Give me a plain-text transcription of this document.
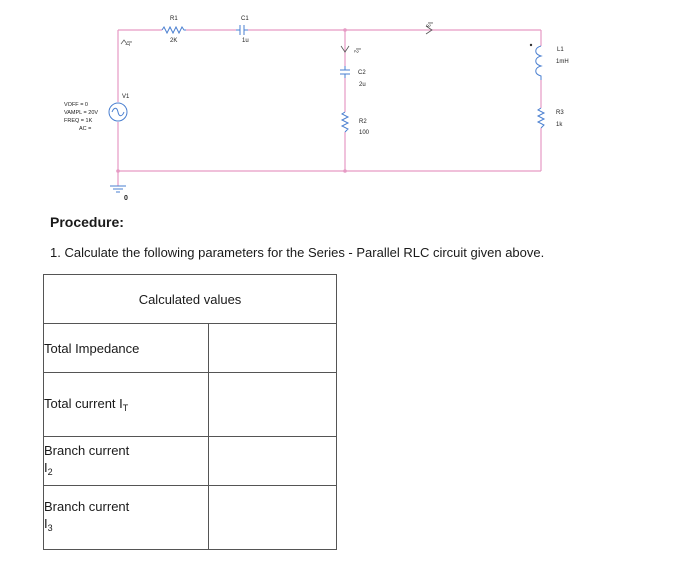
R1
2K
C1
1u
$I_3$
$I_T$
$I_2$
C2
2u
R2
100
L1
1mH
R3
1k
V1
VOFF = 0
VAMPL = 20V
FREQ = 1K
AC =
0
Procedure:
1. Calculate the following parameters for the Series - Parallel RLC circuit given above.
Calculated values	
Total Impedance	
Total current $I_T$	
Branch current
$I_2$	
Branch current
$I_3$	
